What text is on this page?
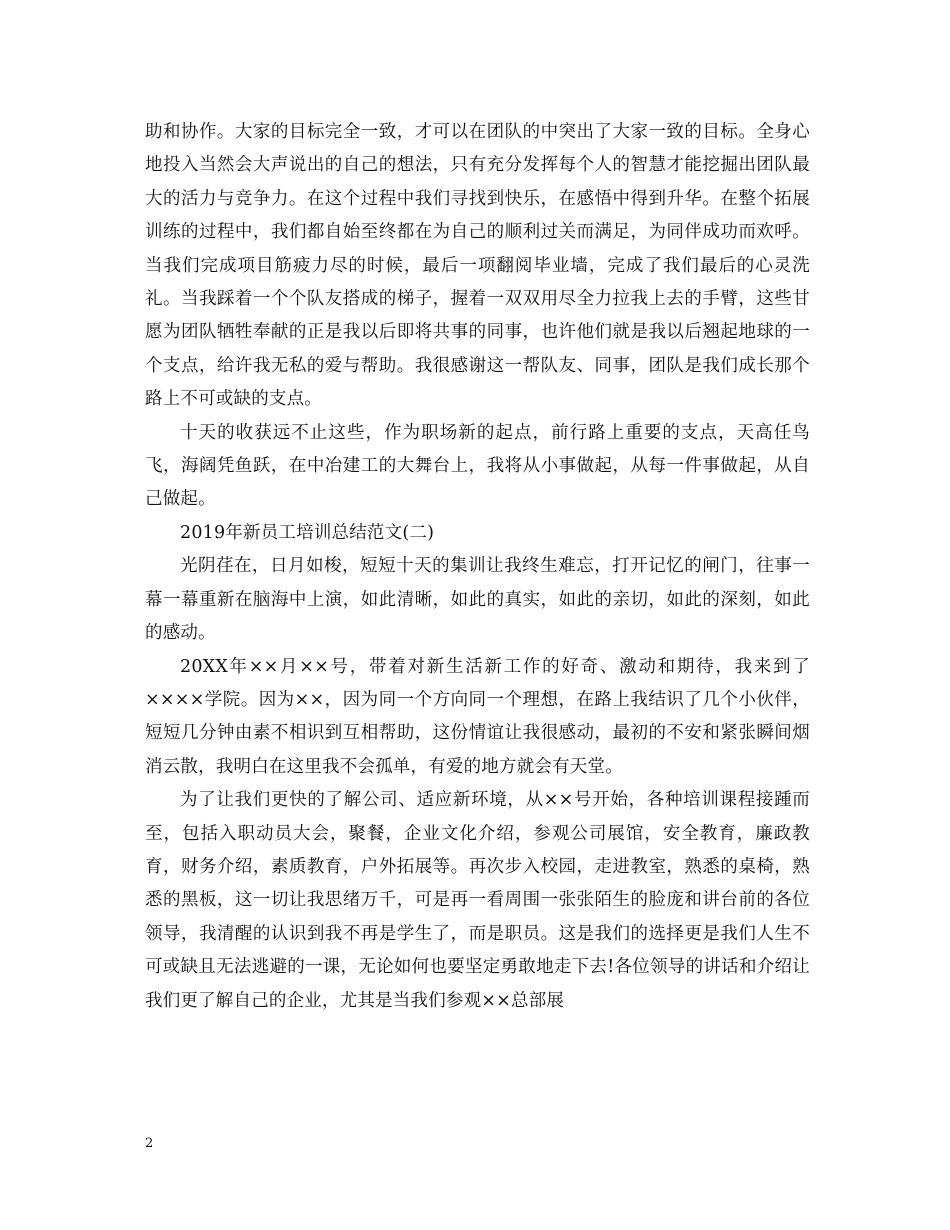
助和协作。大家的目标完全一致，才可以在团队的中突出了大家一致的目标。全身心地投入当然会大声说出的自己的想法，只有充分发挥每个人的智慧才能挖掘出团队最大的活力与竞争力。在这个过程中我们寻找到快乐，在感悟中得到升华。在整个拓展训练的过程中，我们都自始至终都在为自己的顺利过关而满足，为同伴成功而欢呼。当我们完成项目筋疲力尽的时候，最后一项翻阅毕业墙，完成了我们最后的心灵洗礼。当我踩着一个个队友搭成的梯子，握着一双双用尽全力拉我上去的手臂，这些甘愿为团队牺牲奉献的正是我以后即将共事的同事，也许他们就是我以后翘起地球的一个支点，给许我无私的爱与帮助。我很感谢这一帮队友、同事，团队是我们成长那个路上不可或缺的支点。

十天的收获远不止这些，作为职场新的起点，前行路上重要的支点，天高任鸟飞，海阔凭鱼跃，在中冶建工的大舞台上，我将从小事做起，从每一件事做起，从自己做起。

2019年新员工培训总结范文(二)

光阴荏在，日月如梭，短短十天的集训让我终生难忘，打开记忆的闸门，往事一幕一幕重新在脑海中上演，如此清晰，如此的真实，如此的亲切，如此的深刻，如此的感动。

20XX年××月××号，带着对新生活新工作的好奇、激动和期待，我来到了××××学院。因为××，因为同一个方向同一个理想，在路上我结识了几个小伙伴，短短几分钟由素不相识到互相帮助，这份情谊让我很感动，最初的不安和紧张瞬间烟消云散，我明白在这里我不会孤单，有爱的地方就会有天堂。

为了让我们更快的了解公司、适应新环境，从××号开始，各种培训课程接踵而至，包括入职动员大会，聚餐，企业文化介绍，参观公司展馆，安全教育，廉政教育，财务介绍，素质教育，户外拓展等。再次步入校园，走进教室，熟悉的桌椅，熟悉的黑板，这一切让我思绪万千，可是再一看周围一张张陌生的脸庞和讲台前的各位领导，我清醒的认识到我不再是学生了，而是职员。这是我们的选择更是我们人生不可或缺且无法逃避的一课，无论如何也要坚定勇敢地走下去!各位领导的讲话和介绍让我们更了解自己的企业，尤其是当我们参观××总部展

2
